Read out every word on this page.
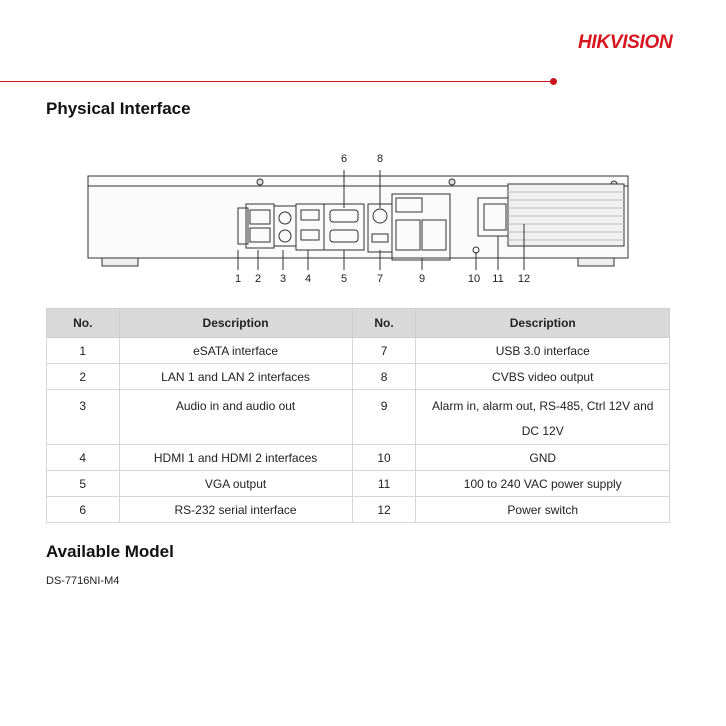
HIKVISION
Physical Interface
6	8
1 2 3 4	5	7	9	10 11 12
No.	Description	No.	Description
1	eSATA interface	7	USB 3.0 interface
2	LAN 1 and LAN 2 interfaces	8	CVBS video output
3	Audio in and audio out	9	Alarm in, alarm out, RS-485, Ctrl 12V and DC 12V
4	HDMI 1 and HDMI 2 interfaces	10	GND
5	VGA output	11	100 to 240 VAC power supply
6	RS-232 serial interface	12	Power switch
Available Model
DS-7716NI-M4
